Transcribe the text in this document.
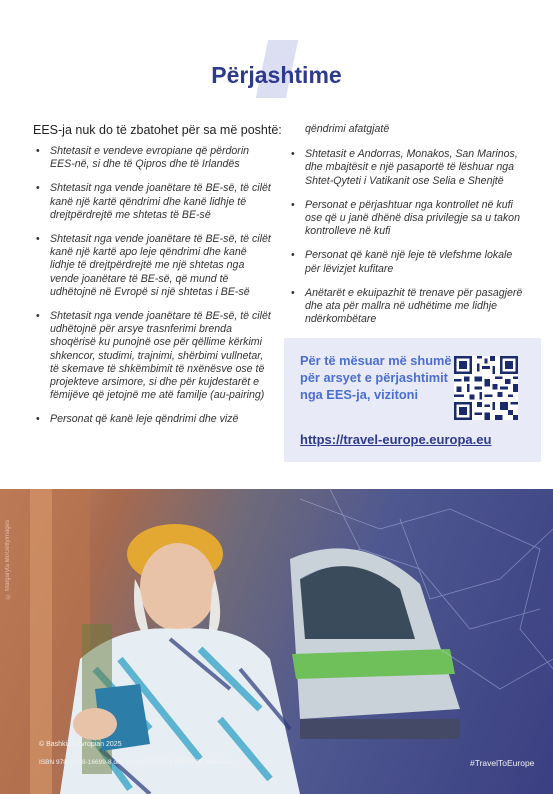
Përjashtime
EES-ja nuk do të zbatohet për sa më poshtë:
• Shtetasit e vendeve evropiane që përdorin EES-në, si dhe të Qipros dhe të Irlandës
• Shtetasit nga vende joanëtare të BE-së, të cilët kanë një kartë qëndrimi dhe kanë lidhje të drejtpërdrejtë me shtetas të BE-së
• Shtetasit nga vende joanëtare të BE-së, të cilët kanë një kartë apo leje qëndrimi dhe kanë lidhje të drejtpërdrejtë me një shtetas nga vende joanëtare të BE-së, që mund të udhëtojnë në Evropë si një shtetas i BE-së
• Shtetasit nga vende joanëtare të BE-së, të cilët udhëtojnë për arsye trasnferimi brenda shoqërisë ku punojnë ose për qëllime kërkimi shkencor, studimi, trajnimi, shërbimi vullnetar, të skemave të shkëmbimit të nxënësve ose të projekteve arsimore, si dhe për kujdestarët e fëmijëve që jetojnë me atë familje (au-pairing)
• Personat që kanë leje qëndrimi dhe vizë
qëndrimi afatgjatë
• Shtetasit e Andorras, Monakos, San Marinos, dhe mbajtësit e një pasaportë të lëshuar nga Shtet-Qyteti i Vatikanit ose Selia e Shenjtë
• Personat e përjashtuar nga kontrollet në kufi ose që u janë dhënë disa privilegje sa u takon kontrolleve në kufi
• Personat që kanë një leje të vlefshme lokale për lëvizjet kufitare
• Anëtarët e ekuipazhit të trenave për pasagjerë dhe ata për mallra në udhëtime me lidhje ndërkombëtare
Për të mësuar më shumë për arsyet e përjashtimit nga EES-ja, vizitoni
https://travel-europe.europa.eu
© Margaryta Mr/Gettyimages
© Bashkimi Evropian 2025
ISBN 978-92-68-16699-8 doi: 10.2837/720378 DR-09-24-394-EN-C	#TravelToEurope
